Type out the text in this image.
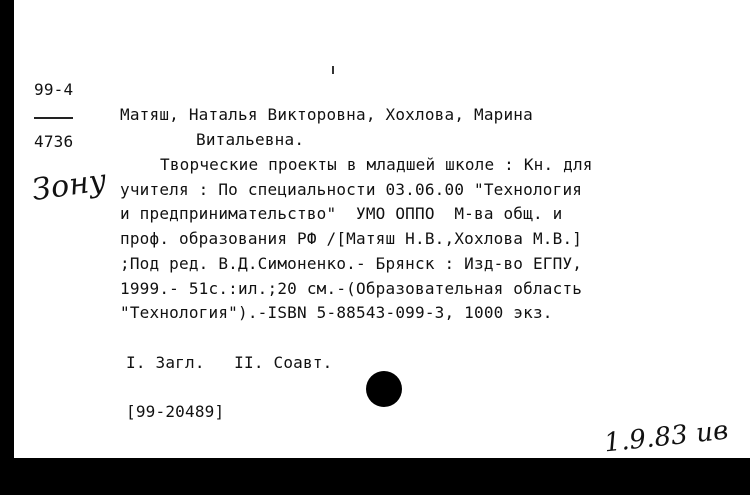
99-4
4736
Зону
Матяш, Наталья Викторовна, Хохлова, Марина
Витальевна.
Творческие проекты в младшей школе : Кн. для
учителя : По специальности 03.06.00 "Технология
и предпринимательство"  УМО ОППО  М-ва общ. и
проф. образования РФ /[Матяш Н.В.,Хохлова М.В.]
;Под ред. В.Д.Симоненко.- Брянск : Изд-во ЕГПУ,
1999.- 51с.:ил.;20 см.-(Образовательная область
"Технология").-ISBN 5-88543-099-3, 1000 экз.
I. Загл.   II. Соавт.
[99-20489]
1.9.83 ив
